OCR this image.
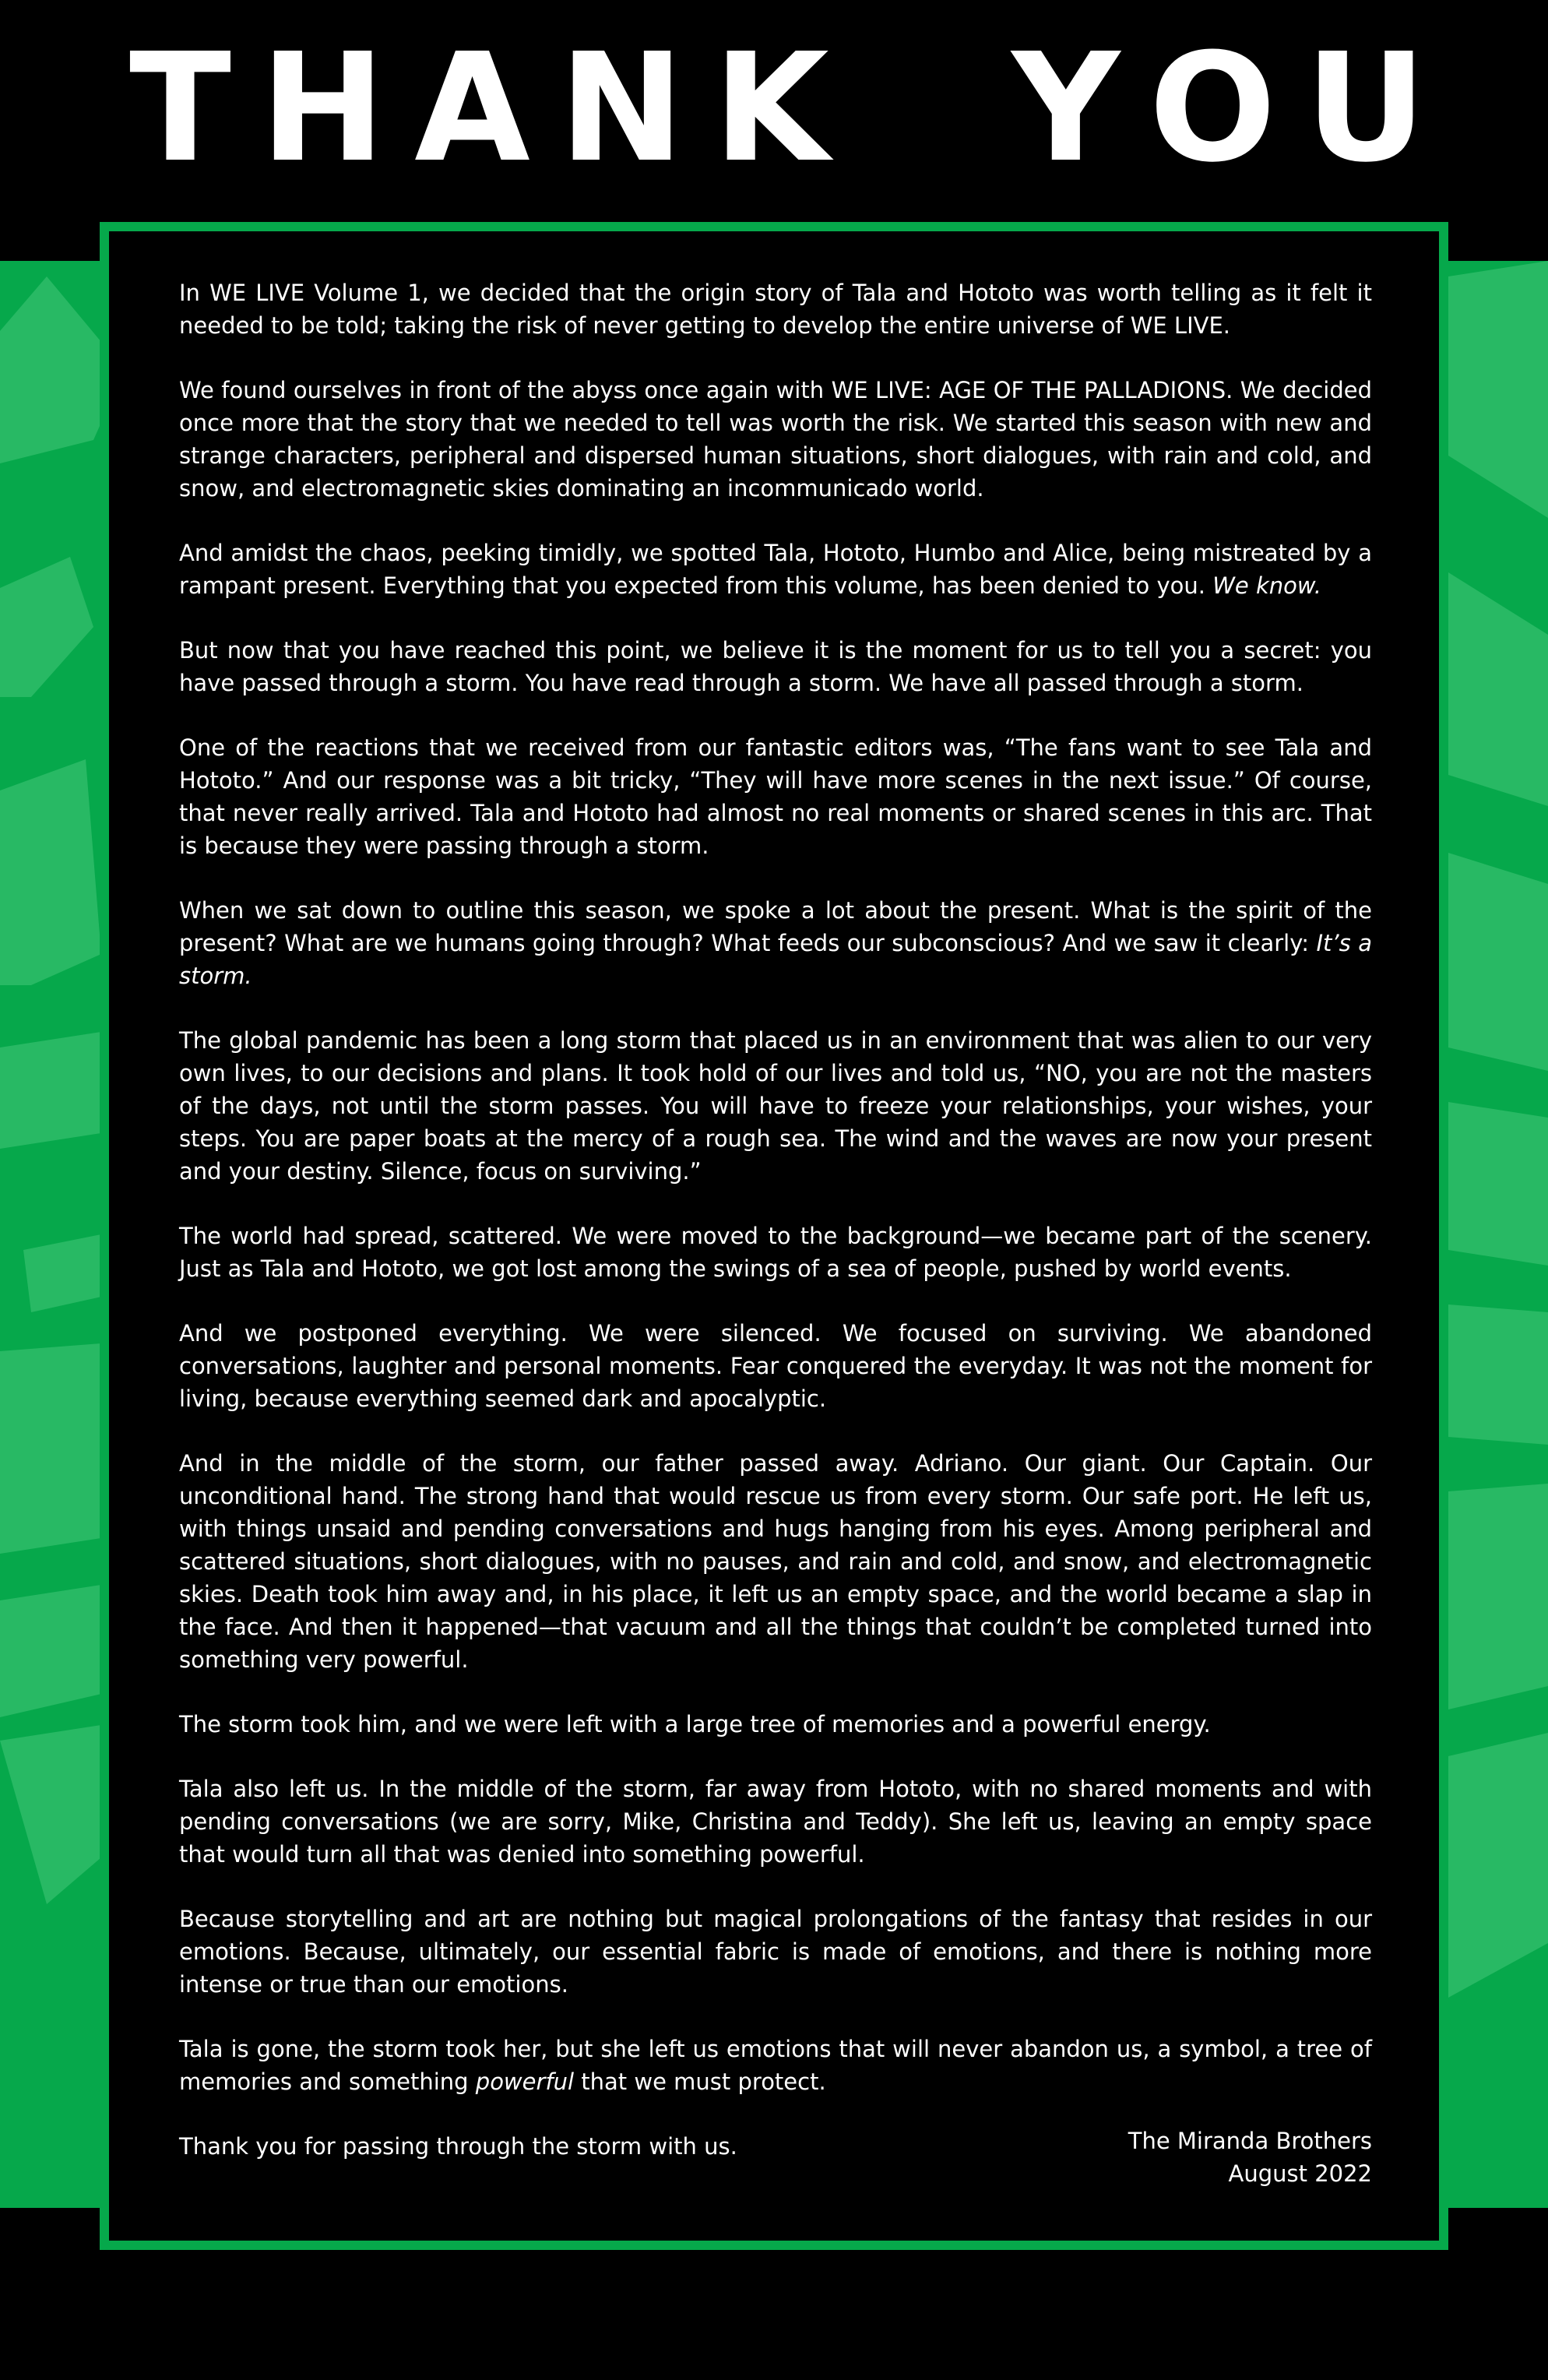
T H A N K Y O U

In WE LIVE Volume 1, we decided that the origin story of Tala and Hototo was worth telling as it felt it needed to be told; taking the risk of never getting to develop the entire universe of WE LIVE.

We found ourselves in front of the abyss once again with WE LIVE: AGE OF THE PALLADIONS. We decided once more that the story that we needed to tell was worth the risk. We started this season with new and strange characters, peripheral and dispersed human situations, short dialogues, with rain and cold, and snow, and electromagnetic skies dominating an incommunicado world.

And amidst the chaos, peeking timidly, we spotted Tala, Hototo, Humbo and Alice, being mistreated by a rampant present. Everything that you expected from this volume, has been denied to you. We know.

But now that you have reached this point, we believe it is the moment for us to tell you a secret: you have passed through a storm. You have read through a storm. We have all passed through a storm.

One of the reactions that we received from our fantastic editors was, “The fans want to see Tala and Hototo.” And our response was a bit tricky, “They will have more scenes in the next issue.” Of course, that never really arrived. Tala and Hototo had almost no real moments or shared scenes in this arc. That is because they were passing through a storm.

When we sat down to outline this season, we spoke a lot about the present. What is the spirit of the present? What are we humans going through? What feeds our subconscious? And we saw it clearly: It’s a storm.

The global pandemic has been a long storm that placed us in an environment that was alien to our very own lives, to our decisions and plans. It took hold of our lives and told us, “NO, you are not the masters of the days, not until the storm passes. You will have to freeze your relationships, your wishes, your steps. You are paper boats at the mercy of a rough sea. The wind and the waves are now your present and your destiny. Silence, focus on surviving.”

The world had spread, scattered. We were moved to the background—we became part of the scenery. Just as Tala and Hototo, we got lost among the swings of a sea of people, pushed by world events.

And we postponed everything. We were silenced. We focused on surviving. We abandoned conversations, laughter and personal moments. Fear conquered the everyday. It was not the moment for living, because everything seemed dark and apocalyptic.

And in the middle of the storm, our father passed away. Adriano. Our giant. Our Captain. Our unconditional hand. The strong hand that would rescue us from every storm. Our safe port. He left us, with things unsaid and pending conversations and hugs hanging from his eyes. Among peripheral and scattered situations, short dialogues, with no pauses, and rain and cold, and snow, and electromagnetic skies. Death took him away and, in his place, it left us an empty space, and the world became a slap in the face. And then it happened—that vacuum and all the things that couldn’t be completed turned into something very powerful.

The storm took him, and we were left with a large tree of memories and a powerful energy.

Tala also left us. In the middle of the storm, far away from Hototo, with no shared moments and with pending conversations (we are sorry, Mike, Christina and Teddy). She left us, leaving an empty space that would turn all that was denied into something powerful.

Because storytelling and art are nothing but magical prolongations of the fantasy that resides in our emotions. Because, ultimately, our essential fabric is made of emotions, and there is nothing more intense or true than our emotions.

Tala is gone, the storm took her, but she left us emotions that will never abandon us, a symbol, a tree of memories and something powerful that we must protect.

Thank you for passing through the storm with us.	The Miranda Brothers
August 2022
